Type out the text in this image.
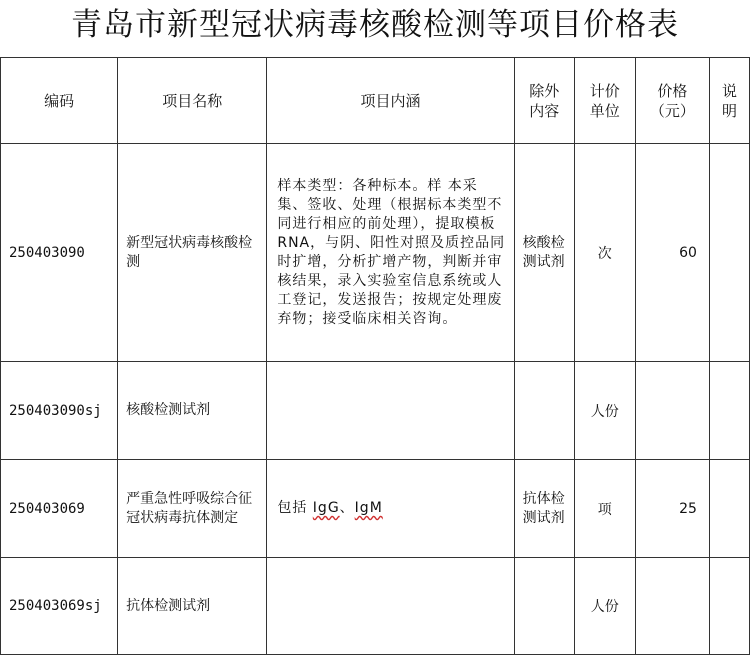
青岛市新型冠状病毒核酸检测等项目价格表
编码	项目名称	项目内涵	除外内容	计价单位	价格（元）	说明
250403090	新型冠状病毒核酸检测	样本类型：各种标本。样 本采集、签收、处理（根据标本类型不同进行相应的前处理），提取模板 RNA，与阴、阳性对照及质控品同时扩增，分析扩增产物，判断并审核结果，录入实验室信息系统或人工登记，发送报告；按规定处理废弃物；接受临床相关咨询。	核酸检测试剂	次	60	
250403090sj	核酸检测试剂			人份		
250403069	严重急性呼吸综合征冠状病毒抗体测定	包括 IgG、IgM	抗体检测试剂	项	25	
250403069sj	抗体检测试剂			人份		
